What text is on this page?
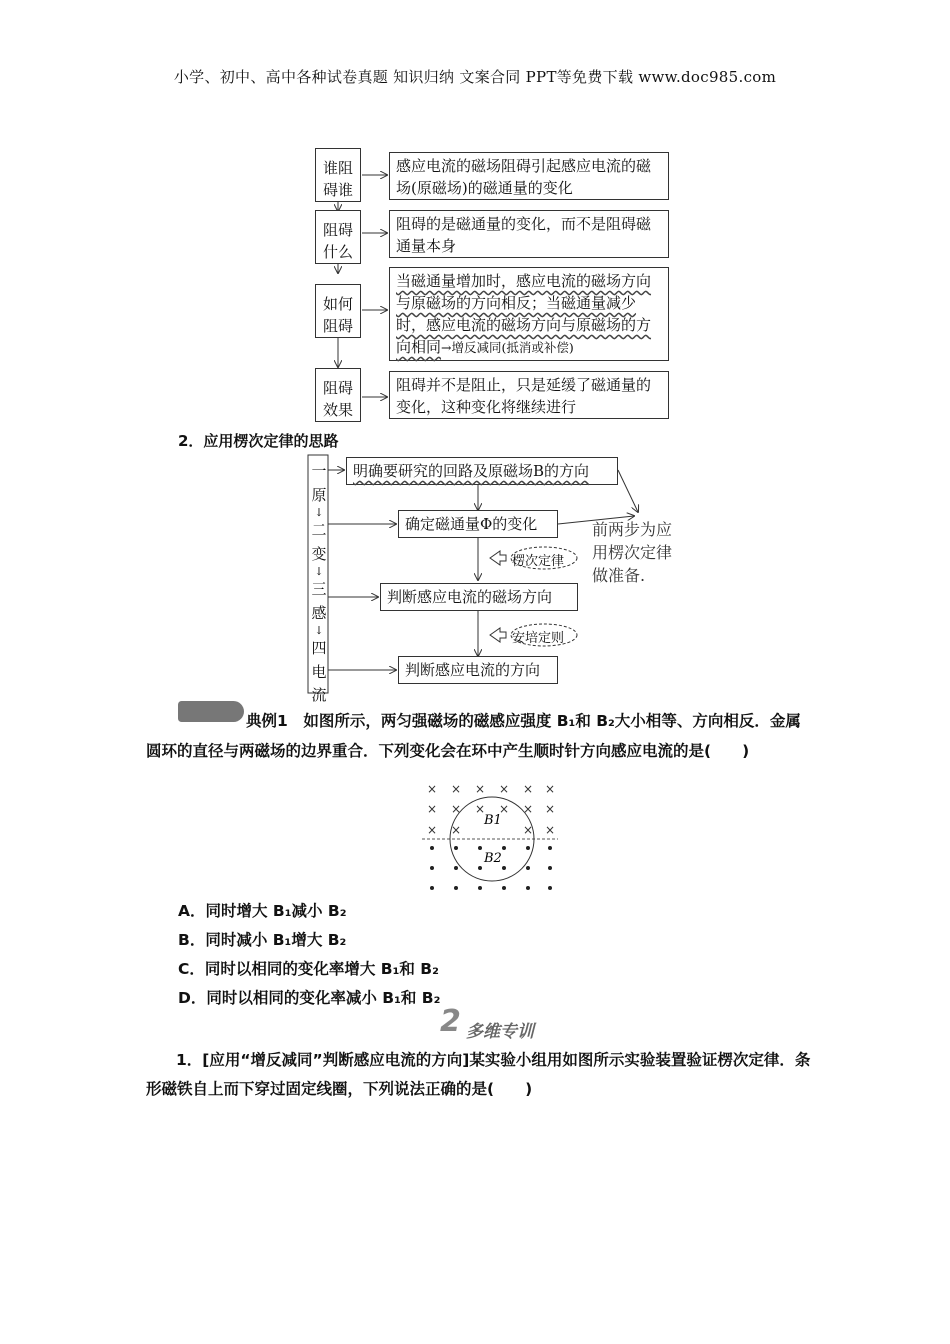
小学、初中、高中各种试卷真题 知识归纳 文案合同 PPT等免费下载 www.doc985.com
谁阻
碍谁
感应电流的磁场阻碍引起感应电流的磁场(原磁场)的磁通量的变化
阻碍
什么
阻碍的是磁通量的变化，而不是阻碍磁通量本身
如何
阻碍
当磁通量增加时，感应电流的磁场方向与原磁场的方向相反；当磁通量减少时，感应电流的磁场方向与原磁场的方向相同→增反减同(抵消或补偿)
阻碍
效果
阻碍并不是阻止，只是延缓了磁通量的变化，这种变化将继续进行
2．应用楞次定律的思路
一
原
↓
二
变
↓
三
感
↓
四
电
流
明确要研究的回路及原磁场B的方向
确定磁通量Φ的变化
楞次定律
判断感应电流的磁场方向
安培定则
判断感应电流的方向
前两步为应
用楞次定律
做准备.
典例1　 如图所示，两匀强磁场的磁感应强度 B₁和 B₂大小相等、方向相反．金属圆环的直径与两磁场的边界重合．下列变化会在环中产生顺时针方向感应电流的是(　　)
× × × × × ×
× × × × × ×
× ×	× ×
B1
B2
A．同时增大 B₁减小 B₂
B．同时减小 B₁增大 B₂
C．同时以相同的变化率增大 B₁和 B₂
D．同时以相同的变化率减小 B₁和 B₂
2 多维专训
1．[应用“增反减同”判断感应电流的方向]某实验小组用如图所示实验装置验证楞次定律．条形磁铁自上而下穿过固定线圈，下列说法正确的是(　　)
